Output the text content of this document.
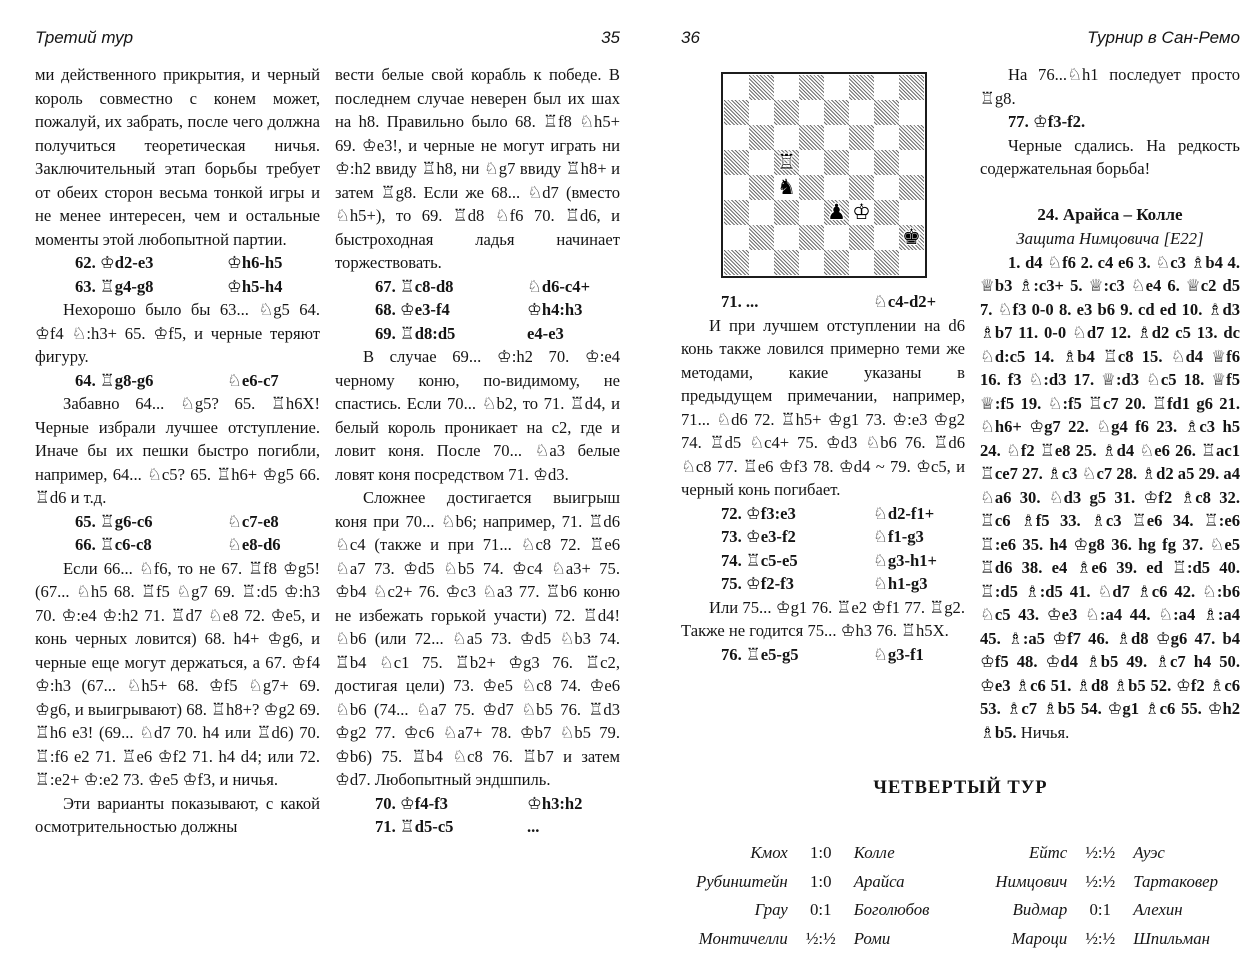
Третий тур	35

ми действенного прикрытия, и черный король совместно с конем может, пожалуй, их забрать, после чего должна получиться теоретическая ничья. Заключительный этап борьбы требует от обеих сторон весьма тонкой игры и не менее интересен, чем и остальные моменты этой любопытной партии.

62. ♔d2-e3	♔h6-h5
63. ♖g4-g8	♔h5-h4

Нехорошо было бы 63... ♘g5 64. ♔f4 ♘:h3+ 65. ♔f5, и черные теряют фигуру.

64. ♖g8-g6	♘e6-c7

Забавно 64... ♘g5? 65. ♖h6X! Черные избрали лучшее отступление. Иначе бы их пешки быстро погибли, например, 64... ♘c5? 65. ♖h6+ ♔g5 66. ♖d6 и т.д.

65. ♖g6-c6	♘c7-e8
66. ♖c6-c8	♘e8-d6

Если 66... ♘f6, то не 67. ♖f8 ♔g5! (67... ♘h5 68. ♖f5 ♘g7 69. ♖:d5 ♔:h3 70. ♔:e4 ♔:h2 71. ♖d7 ♘e8 72. ♔e5, и конь черных ловится) 68. h4+ ♔g6, и черные еще могут держаться, а 67. ♔f4 ♔:h3 (67... ♘h5+ 68. ♔f5 ♘g7+ 69. ♔g6, и выигрывают) 68. ♖h8+? ♔g2 69. ♖h6 e3! (69... ♘d7 70. h4 или ♖d6) 70. ♖:f6 e2 71. ♖e6 ♔f2 71. h4 d4; или 72. ♖:e2+ ♔:e2 73. ♔e5 ♔f3, и ничья.

Эти варианты показывают, с какой осмотрительностью должны

вести белые свой корабль к победе. В последнем случае неверен был их шах на h8. Правильно было 68. ♖f8 ♘h5+ 69. ♔e3!, и черные не могут играть ни ♔:h2 ввиду ♖h8, ни ♘g7 ввиду ♖h8+ и затем ♖g8. Если же 68... ♘d7 (вместо ♘h5+), то 69. ♖d8 ♘f6 70. ♖d6, и быстроходная ладья начинает торжествовать.

67. ♖c8-d8	♘d6-c4+
68. ♔e3-f4	♔h4:h3
69. ♖d8:d5	e4-e3

В случае 69... ♔:h2 70. ♔:e4 черному коню, по-видимому, не спастись. Если 70... ♘b2, то 71. ♖d4, и белый король проникает на c2, где и ловит коня. После 70... ♘a3 белые ловят коня посредством 71. ♔d3.

Сложнее достигается выигрыш коня при 70... ♘b6; например, 71. ♖d6 ♘c4 (также и при 71... ♘c8 72. ♖e6 ♘a7 73. ♔d5 ♘b5 74. ♔c4 ♘a3+ 75. ♔b4 ♘c2+ 76. ♔c3 ♘a3 77. ♖b6 коню не избежать горькой участи) 72. ♖d4! ♘b6 (или 72... ♘a5 73. ♔d5 ♘b3 74. ♖b4 ♘c1 75. ♖b2+ ♔g3 76. ♖c2, достигая цели) 73. ♔e5 ♘c8 74. ♔e6 ♘b6 (74... ♘a7 75. ♔d7 ♘b5 76. ♖d3 ♔g2 77. ♔c6 ♘a7+ 78. ♔b7 ♘b5 79. ♔b6) 75. ♖b4 ♘c8 76. ♖b7 и затем ♔d7. Любопытный эндшпиль.

70. ♔f4-f3	♔h3:h2
71. ♖d5-c5	...
36	Турнир в Сан-Ремо
♖
♞
♟ ♔
♚
71. ...	♘c4-d2+

И при лучшем отступлении на d6 конь также ловился примерно теми же методами, какие указаны в предыдущем примечании, например, 71... ♘d6 72. ♖h5+ ♔g1 73. ♔:e3 ♔g2 74. ♖d5 ♘c4+ 75. ♔d3 ♘b6 76. ♖d6 ♘c8 77. ♖e6 ♔f3 78. ♔d4 ~ 79. ♔c5, и черный конь погибает.

72. ♔f3:e3	♘d2-f1+
73. ♔e3-f2	♘f1-g3
74. ♖c5-e5	♘g3-h1+
75. ♔f2-f3	♘h1-g3

Или 75... ♔g1 76. ♖e2 ♔f1 77. ♖g2. Также не годится 75... ♔h3 76. ♖h5X.

76. ♖e5-g5	♘g3-f1

На 76...♘h1 последует просто ♖g8.

77. ♔f3-f2.

Черные сдались. На редкость содержательная борьба!

24. Арайса – Колле
Защита Нимцовича [E22]

1. d4 ♘f6 2. c4 e6 3. ♘c3 ♗b4 4. ♕b3 ♗:c3+ 5. ♕:c3 ♘e4 6. ♕c2 d5 7. ♘f3 0-0 8. e3 b6 9. cd ed 10. ♗d3 ♗b7 11. 0-0 ♘d7 12. ♗d2 c5 13. dc ♘d:c5 14. ♗b4 ♖c8 15. ♘d4 ♕f6 16. f3 ♘:d3 17. ♕:d3 ♘c5 18. ♕f5 ♕:f5 19. ♘:f5 ♖c7 20. ♖fd1 g6 21. ♘h6+ ♔g7 22. ♘g4 f6 23. ♗c3 h5 24. ♘f2 ♖e8 25. ♗d4 ♘e6 26. ♖ac1 ♖ce7 27. ♗c3 ♘c7 28. ♗d2 a5 29. a4 ♘a6 30. ♘d3 g5 31. ♔f2 ♗c8 32. ♖c6 ♗f5 33. ♗c3 ♖e6 34. ♖:e6 ♖:e6 35. h4 ♔g8 36. hg fg 37. ♘e5 ♖d6 38. e4 ♗e6 39. ed ♖:d5 40. ♖:d5 ♗:d5 41. ♘d7 ♗c6 42. ♘:b6 ♘c5 43. ♔e3 ♘:a4 44. ♘:a4 ♗:a4 45. ♗:a5 ♔f7 46. ♗d8 ♔g6 47. b4 ♔f5 48. ♔d4 ♗b5 49. ♗c7 h4 50. ♔e3 ♗c6 51. ♗d8 ♗b5 52. ♔f2 ♗c6 53. ♗c7 ♗b5 54. ♔g1 ♗c6 55. ♔h2 ♗b5. Ничья.

ЧЕТВЕРТЫЙ ТУР
Кмох	1:0	Колле
Рубинштейн	1:0	Арайса
Грау	0:1	Боголюбов
Монтичелли	½:½	Роми
Ейтс	½:½	Ауэс
Нимцович	½:½	Тартаковер
Видмар	0:1	Алехин
Мароци	½:½	Шпильман
